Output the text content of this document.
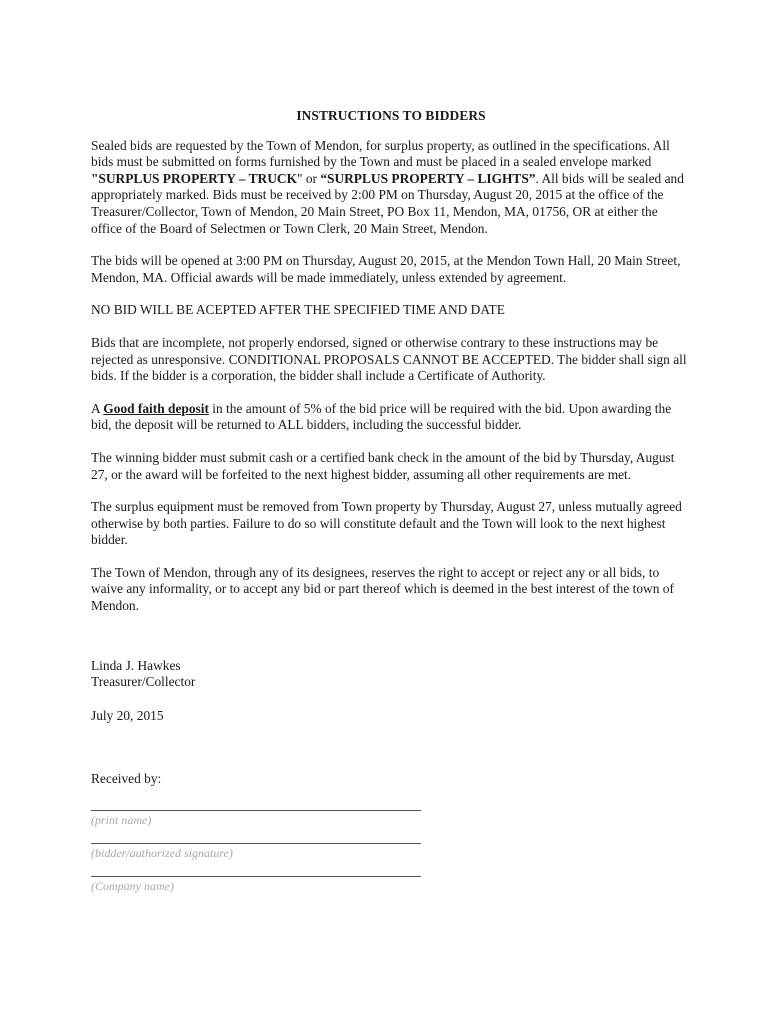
INSTRUCTIONS TO BIDDERS

Sealed bids are requested by the Town of Mendon, for surplus property, as outlined in the specifications. All bids must be submitted on forms furnished by the Town and must be placed in a sealed envelope marked "SURPLUS PROPERTY – TRUCK" or “SURPLUS PROPERTY – LIGHTS”. All bids will be sealed and appropriately marked. Bids must be received by 2:00 PM on Thursday, August 20, 2015 at the office of the Treasurer/Collector, Town of Mendon, 20 Main Street, PO Box 11, Mendon, MA, 01756, OR at either the office of the Board of Selectmen or Town Clerk, 20 Main Street, Mendon.

The bids will be opened at 3:00 PM on Thursday, August 20, 2015, at the Mendon Town Hall, 20 Main Street, Mendon, MA. Official awards will be made immediately, unless extended by agreement.

NO BID WILL BE ACEPTED AFTER THE SPECIFIED TIME AND DATE

Bids that are incomplete, not properly endorsed, signed or otherwise contrary to these instructions may be rejected as unresponsive. CONDITIONAL PROPOSALS CANNOT BE ACCEPTED. The bidder shall sign all bids. If the bidder is a corporation, the bidder shall include a Certificate of Authority.

A Good faith deposit in the amount of 5% of the bid price will be required with the bid. Upon awarding the bid, the deposit will be returned to ALL bidders, including the successful bidder.

The winning bidder must submit cash or a certified bank check in the amount of the bid by Thursday, August 27, or the award will be forfeited to the next highest bidder, assuming all other requirements are met.

The surplus equipment must be removed from Town property by Thursday, August 27, unless mutually agreed otherwise by both parties. Failure to do so will constitute default and the Town will look to the next highest bidder.

The Town of Mendon, through any of its designees, reserves the right to accept or reject any or all bids, to waive any informality, or to accept any bid or part thereof which is deemed in the best interest of the town of Mendon.

Linda J. Hawkes
Treasurer/Collector
July 20, 2015
Received by:
(print name)
(bidder/authorized signature)
(Company name)
